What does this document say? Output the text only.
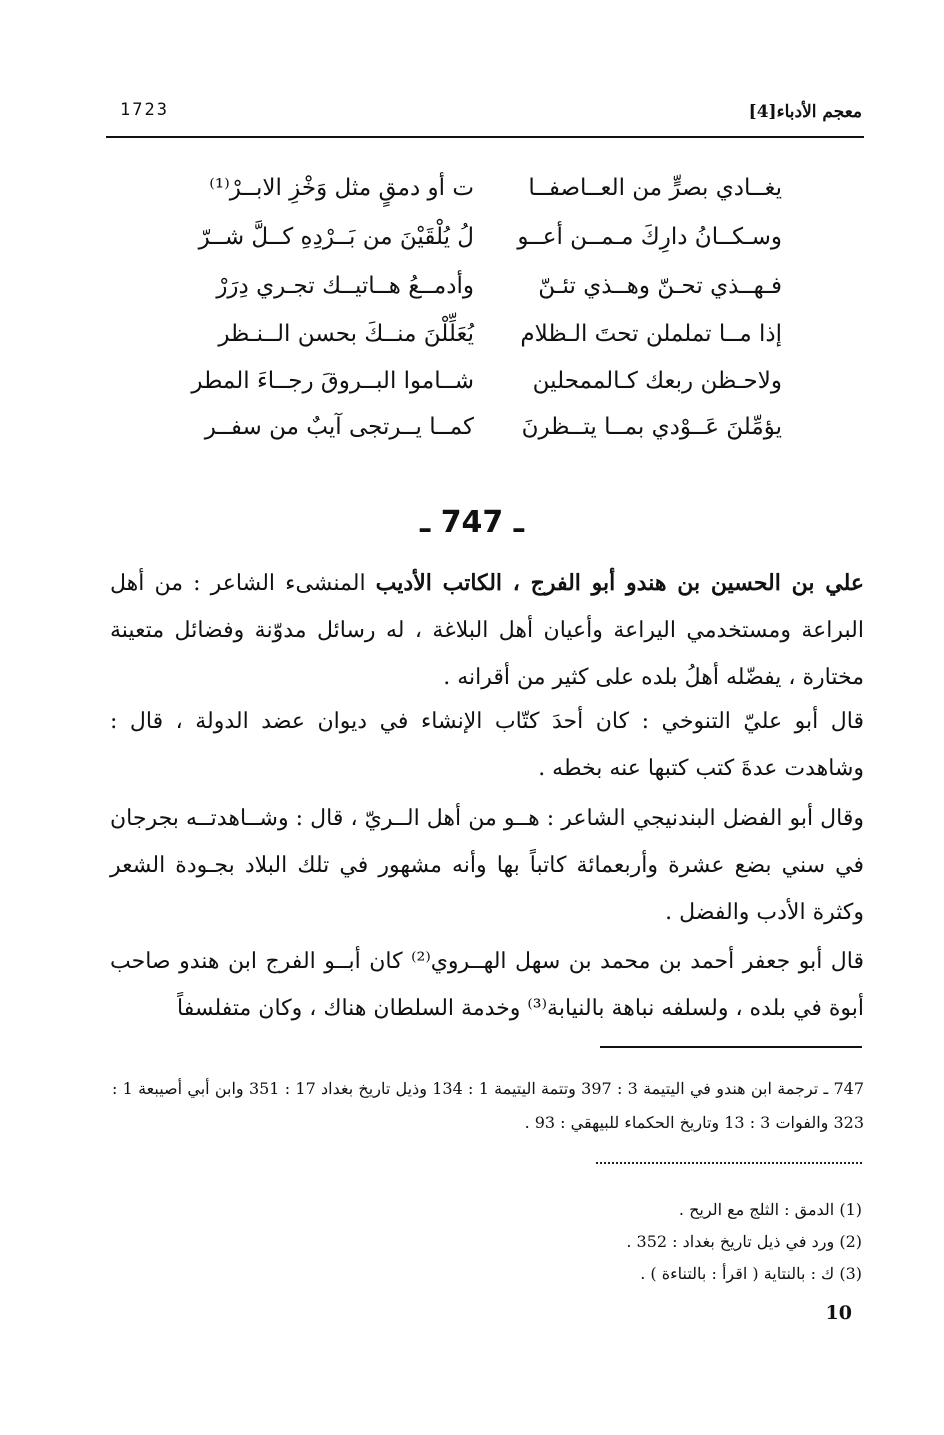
معجم الأدباء[4]
1723
يغــادي بصرٍّ من العــاصفــا
ت أو دمقٍ مثل وَخْزِ الابــرْ⁽¹⁾
وسـكــانُ دارِكَ مـمــن أعــو
لُ يُلْقَيْنَ من بَــرْدِهِ كــلَّ شــرّ
فـهــذي تحـنّ وهــذي تئـنّ
وأدمــعُ هــاتيــك تجـري دِرَرْ
إذا مــا تململن تحتَ الـظلام
يُعَلِّلْنَ منــكَ بحسن الــنـظر
ولاحـظن ربعك كـالممحلين
شــاموا البــروقَ رجــاءَ المطر
يؤمِّلنَ عَــوْدي بمــا يتــظرنَ
كمــا يــرتجى آيبٌ من سفــر
ـ 747 ـ
علي بن الحسين بن هندو أبو الفرج ، الكاتب الأديب المنشىء الشاعر : من أهل البراعة ومستخدمي اليراعة وأعيان أهل البلاغة ، له رسائل مدوّنة وفضائل متعينة مختارة ، يفضّله أهلُ بلده على كثير من أقرانه .
قال أبو عليّ التنوخي : كان أحدَ كتّاب الإنشاء في ديوان عضد الدولة ، قال : وشاهدت عدةَ كتب كتبها عنه بخطه .
وقال أبو الفضل البندنيجي الشاعر : هــو من أهل الــريّ ، قال : وشــاهدتــه بجرجان في سني بضع عشرة وأربعمائة كاتباً بها وأنه مشهور في تلك البلاد بجـودة الشعر وكثرة الأدب والفضل .
قال أبو جعفر أحمد بن محمد بن سهل الهــروي⁽²⁾ كان أبــو الفرج ابن هندو صاحب أبوة في بلده ، ولسلفه نباهة بالنيابة⁽³⁾ وخدمة السلطان هناك ، وكان متفلسفاً
747 ـ ترجمة ابن هندو في اليتيمة 3 : 397 وتتمة اليتيمة 1 : 134 وذيل تاريخ بغداد 17 : 351 وابن أبي أصيبعة 1 : 323 والفوات 3 : 13 وتاريخ الحكماء للبيهقي : 93 .
(1) الدمق : الثلج مع الريح .
(2) ورد في ذيل تاريخ بغداد : 352 .
(3) ك : بالنتاية ( اقرأ : بالتناءة ) .
10
